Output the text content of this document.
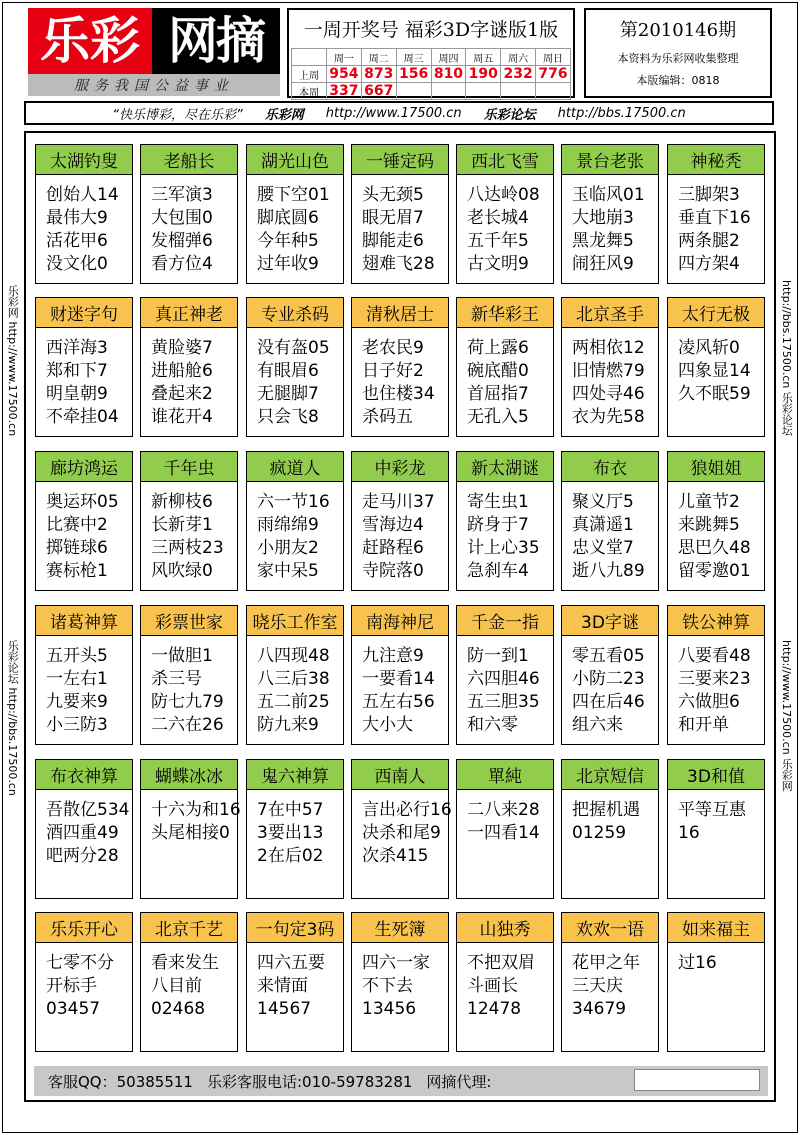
乐彩 网摘
服务我国公益事业
一周开奖号 福彩3D字谜版1版
	周一	周二	周三	周四	周五	周六	周日
上周	954	873	156	810	190	232	776
本周	337	667					
第2010146期
本资料为乐彩网收集整理
本版编辑：0818
“快乐博彩，尽在乐彩” 乐彩网 http://www.17500.cn 乐彩论坛 http://bbs.17500.cn
乐彩网 http://www.17500.cn
乐彩论坛 http://bbs.17500.cn
http://bbs.17500.cn 乐彩论坛
http://www.17500.cn 乐彩网
太湖钓叟
创始人14
最伟大9
活花甲6
没文化0
老船长
三军演3
大包围0
发榴弹6
看方位4
湖光山色
腰下空01
脚底圆6
今年种5
过年收9
一锤定码
头无颈5
眼无眉7
脚能走6
翅难飞28
西北飞雪
八达岭08
老长城4
五千年5
古文明9
景台老张
玉临风01
大地崩3
黑龙舞5
闹狂风9
神秘秃
三脚架3
垂直下16
两条腿2
四方架4
财迷字句
西洋海3
郑和下7
明皇朝9
不牵挂04
真正神老
黄脸婆7
进船舱6
叠起来2
谁花开4
专业杀码
没有盔05
有眼眉6
无腿脚7
只会飞8
清秋居士
老农民9
日子好2
也住楼34
杀码五
新华彩王
荷上露6
碗底醋0
首屈指7
无孔入5
北京圣手
两相依12
旧情燃79
四处寻46
衣为先58
太行无极
凌风斩0
四象显14
久不眠59
廊坊鸿运
奥运环05
比赛中2
掷链球6
赛标枪1
千年虫
新柳枝6
长新芽1
三两枝23
风吹绿0
疯道人
六一节16
雨绵绵9
小朋友2
家中呆5
中彩龙
走马川37
雪海边4
赶路程6
寺院落0
新太湖谜
寄生虫1
跻身于7
计上心35
急刹车4
布衣
聚义厅5
真潇遥1
忠义堂7
逝八九89
狼姐姐
儿童节2
来跳舞5
思巴久48
留零邀01
诸葛神算
五开头5
一左右1
九要来9
小三防3
彩票世家
一做胆1
杀三号
防七九79
二六在26
晓乐工作室
八四现48
八三后38
五二前25
防九来9
南海神尼
九注意9
一要看14
五左右56
大小大
千金一指
防一到1
六四胆46
五三胆35
和六零
3D字谜
零五看05
小防二23
四在后46
组六来
铁公神算
八要看48
三要来23
六做胆6
和开单
布衣神算
吾散亿534
酒四重49
吧两分28
蝴蝶冰冰
十六为和16
头尾相接0
鬼六神算
7在中57
3要出13
2在后02
西南人
言出必行16
决杀和尾9
次杀415
單純
二八来28
一四看14
北京短信
把握机遇
01259
3D和值
平等互惠
16
乐乐开心
七零不分
开标手
03457
北京千艺
看来发生
八目前
02468
一句定3码
四六五要
来情面
14567
生死簿
四六一家
不下去
13456
山独秀
不把双眉
斗画长
12478
欢欢一语
花甲之年
三天庆
34679
如来福主
过16
客服QQ：50385511 乐彩客服电话:010-59783281 网摘代理:
